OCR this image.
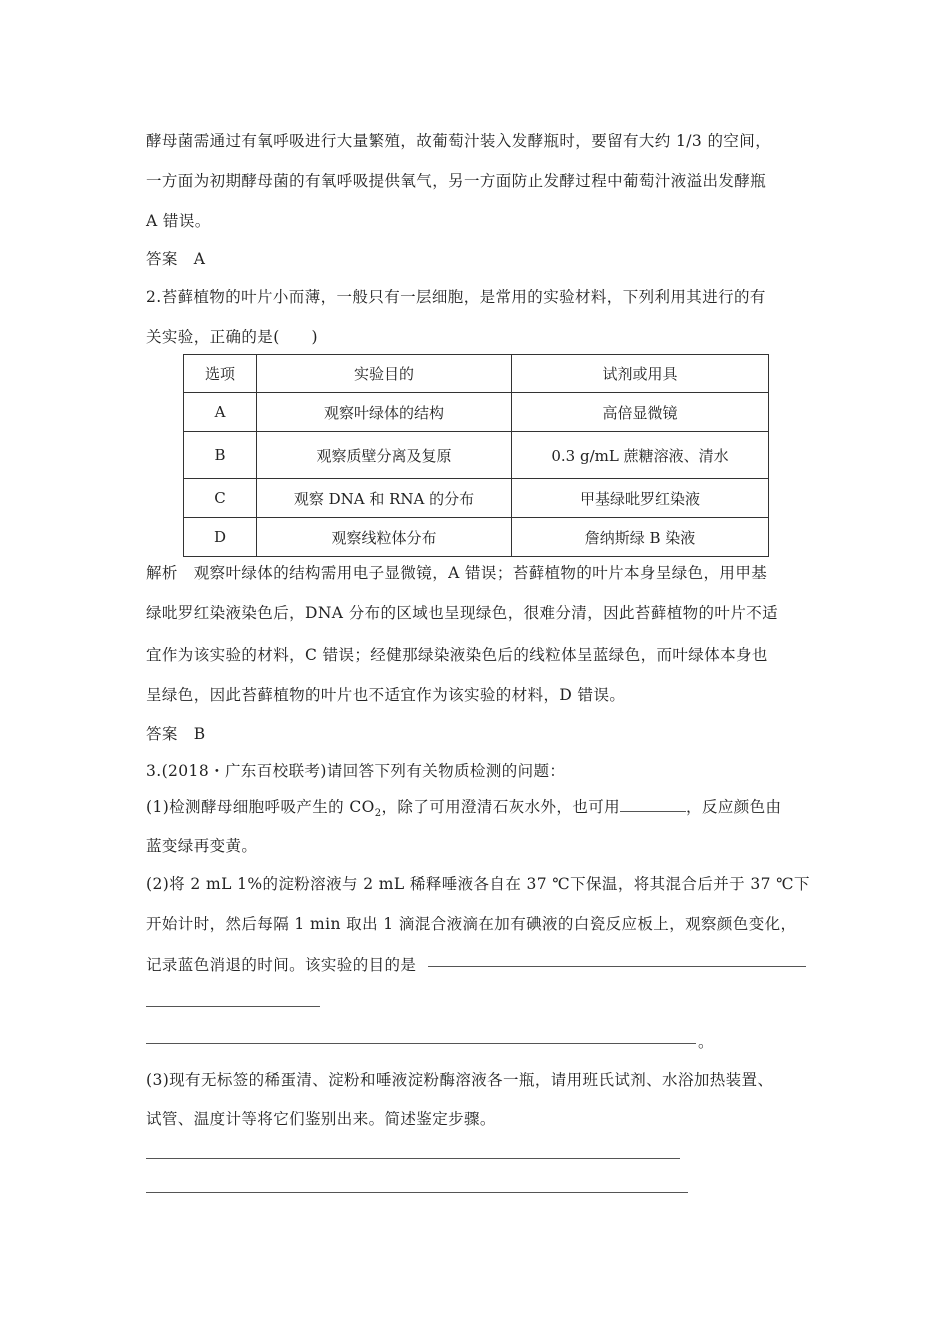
酵母菌需通过有氧呼吸进行大量繁殖，故葡萄汁装入发酵瓶时，要留有大约 1/3 的空间，
一方面为初期酵母菌的有氧呼吸提供氧气，另一方面防止发酵过程中葡萄汁液溢出发酵瓶
A 错误。
答案　A
2.苔藓植物的叶片小而薄，一般只有一层细胞，是常用的实验材料，下列利用其进行的有
关实验，正确的是(　　)
选项	实验目的	试剂或用具
A	观察叶绿体的结构	高倍显微镜
B	观察质壁分离及复原	0.3 g/mL 蔗糖溶液、清水
C	观察 DNA 和 RNA 的分布	甲基绿吡罗红染液
D	观察线粒体分布	詹纳斯绿 B 染液
解析　观察叶绿体的结构需用电子显微镜，A 错误；苔藓植物的叶片本身呈绿色，用甲基
绿吡罗红染液染色后，DNA 分布的区域也呈现绿色，很难分清，因此苔藓植物的叶片不适
宜作为该实验的材料，C 错误；经健那绿染液染色后的线粒体呈蓝绿色，而叶绿体本身也
呈绿色，因此苔藓植物的叶片也不适宜作为该实验的材料，D 错误。
答案　B
3.(2018・广东百校联考)请回答下列有关物质检测的问题：
(1)检测酵母细胞呼吸产生的 $CO_2$，除了可用澄清石灰水外，也可用	，反应颜色由
蓝变绿再变黄。
(2)将 2 mL 1%的淀粉溶液与 2 mL 稀释唾液各自在 37 ℃下保温，将其混合后并于 37 ℃下
开始计时，然后每隔 1 min 取出 1 滴混合液滴在加有碘液的白瓷反应板上，观察颜色变化，
记录蓝色消退的时间。该实验的目的是
。
(3)现有无标签的稀蛋清、淀粉和唾液淀粉酶溶液各一瓶，请用班氏试剂、水浴加热装置、
试管、温度计等将它们鉴别出来。简述鉴定步骤。
